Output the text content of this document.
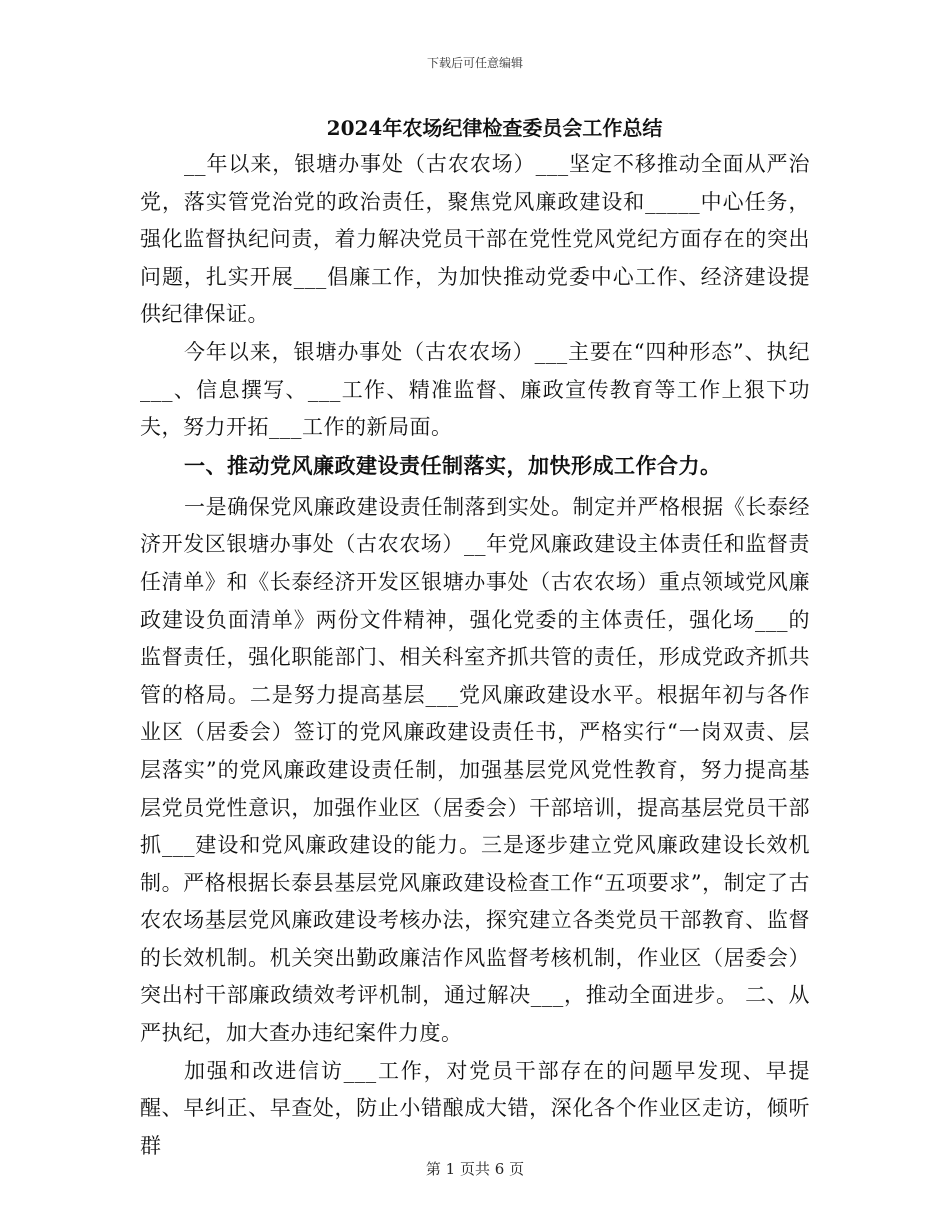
下载后可任意编辑
2024年农场纪律检查委员会工作总结

__年以来，银塘办事处（古农农场）___坚定不移推动全面从严治党，落实管党治党的政治责任，聚焦党风廉政建设和_____中心任务，强化监督执纪问责，着力解决党员干部在党性党风党纪方面存在的突出问题，扎实开展___倡廉工作，为加快推动党委中心工作、经济建设提供纪律保证。

今年以来，银塘办事处（古农农场）___主要在“四种形态”、执纪___、信息撰写、___工作、精准监督、廉政宣传教育等工作上狠下功夫，努力开拓___工作的新局面。

一、推动党风廉政建设责任制落实，加快形成工作合力。

一是确保党风廉政建设责任制落到实处。制定并严格根据《长泰经济开发区银塘办事处（古农农场）__年党风廉政建设主体责任和监督责任清单》和《长泰经济开发区银塘办事处（古农农场）重点领域党风廉政建设负面清单》两份文件精神，强化党委的主体责任，强化场___的监督责任，强化职能部门、相关科室齐抓共管的责任，形成党政齐抓共管的格局。二是努力提高基层___党风廉政建设水平。根据年初与各作业区（居委会）签订的党风廉政建设责任书，严格实行“一岗双责、层层落实”的党风廉政建设责任制，加强基层党风党性教育，努力提高基层党员党性意识，加强作业区（居委会）干部培训，提高基层党员干部抓___建设和党风廉政建设的能力。三是逐步建立党风廉政建设长效机制。严格根据长泰县基层党风廉政建设检查工作“五项要求”，制定了古农农场基层党风廉政建设考核办法，探究建立各类党员干部教育、监督的长效机制。机关突出勤政廉洁作风监督考核机制，作业区（居委会）突出村干部廉政绩效考评机制，通过解决___，推动全面进步。 二、从严执纪，加大查办违纪案件力度。

加强和改进信访___工作，对党员干部存在的问题早发现、早提醒、早纠正、早查处，防止小错酿成大错，深化各个作业区走访，倾听群

第 1 页共 6 页
